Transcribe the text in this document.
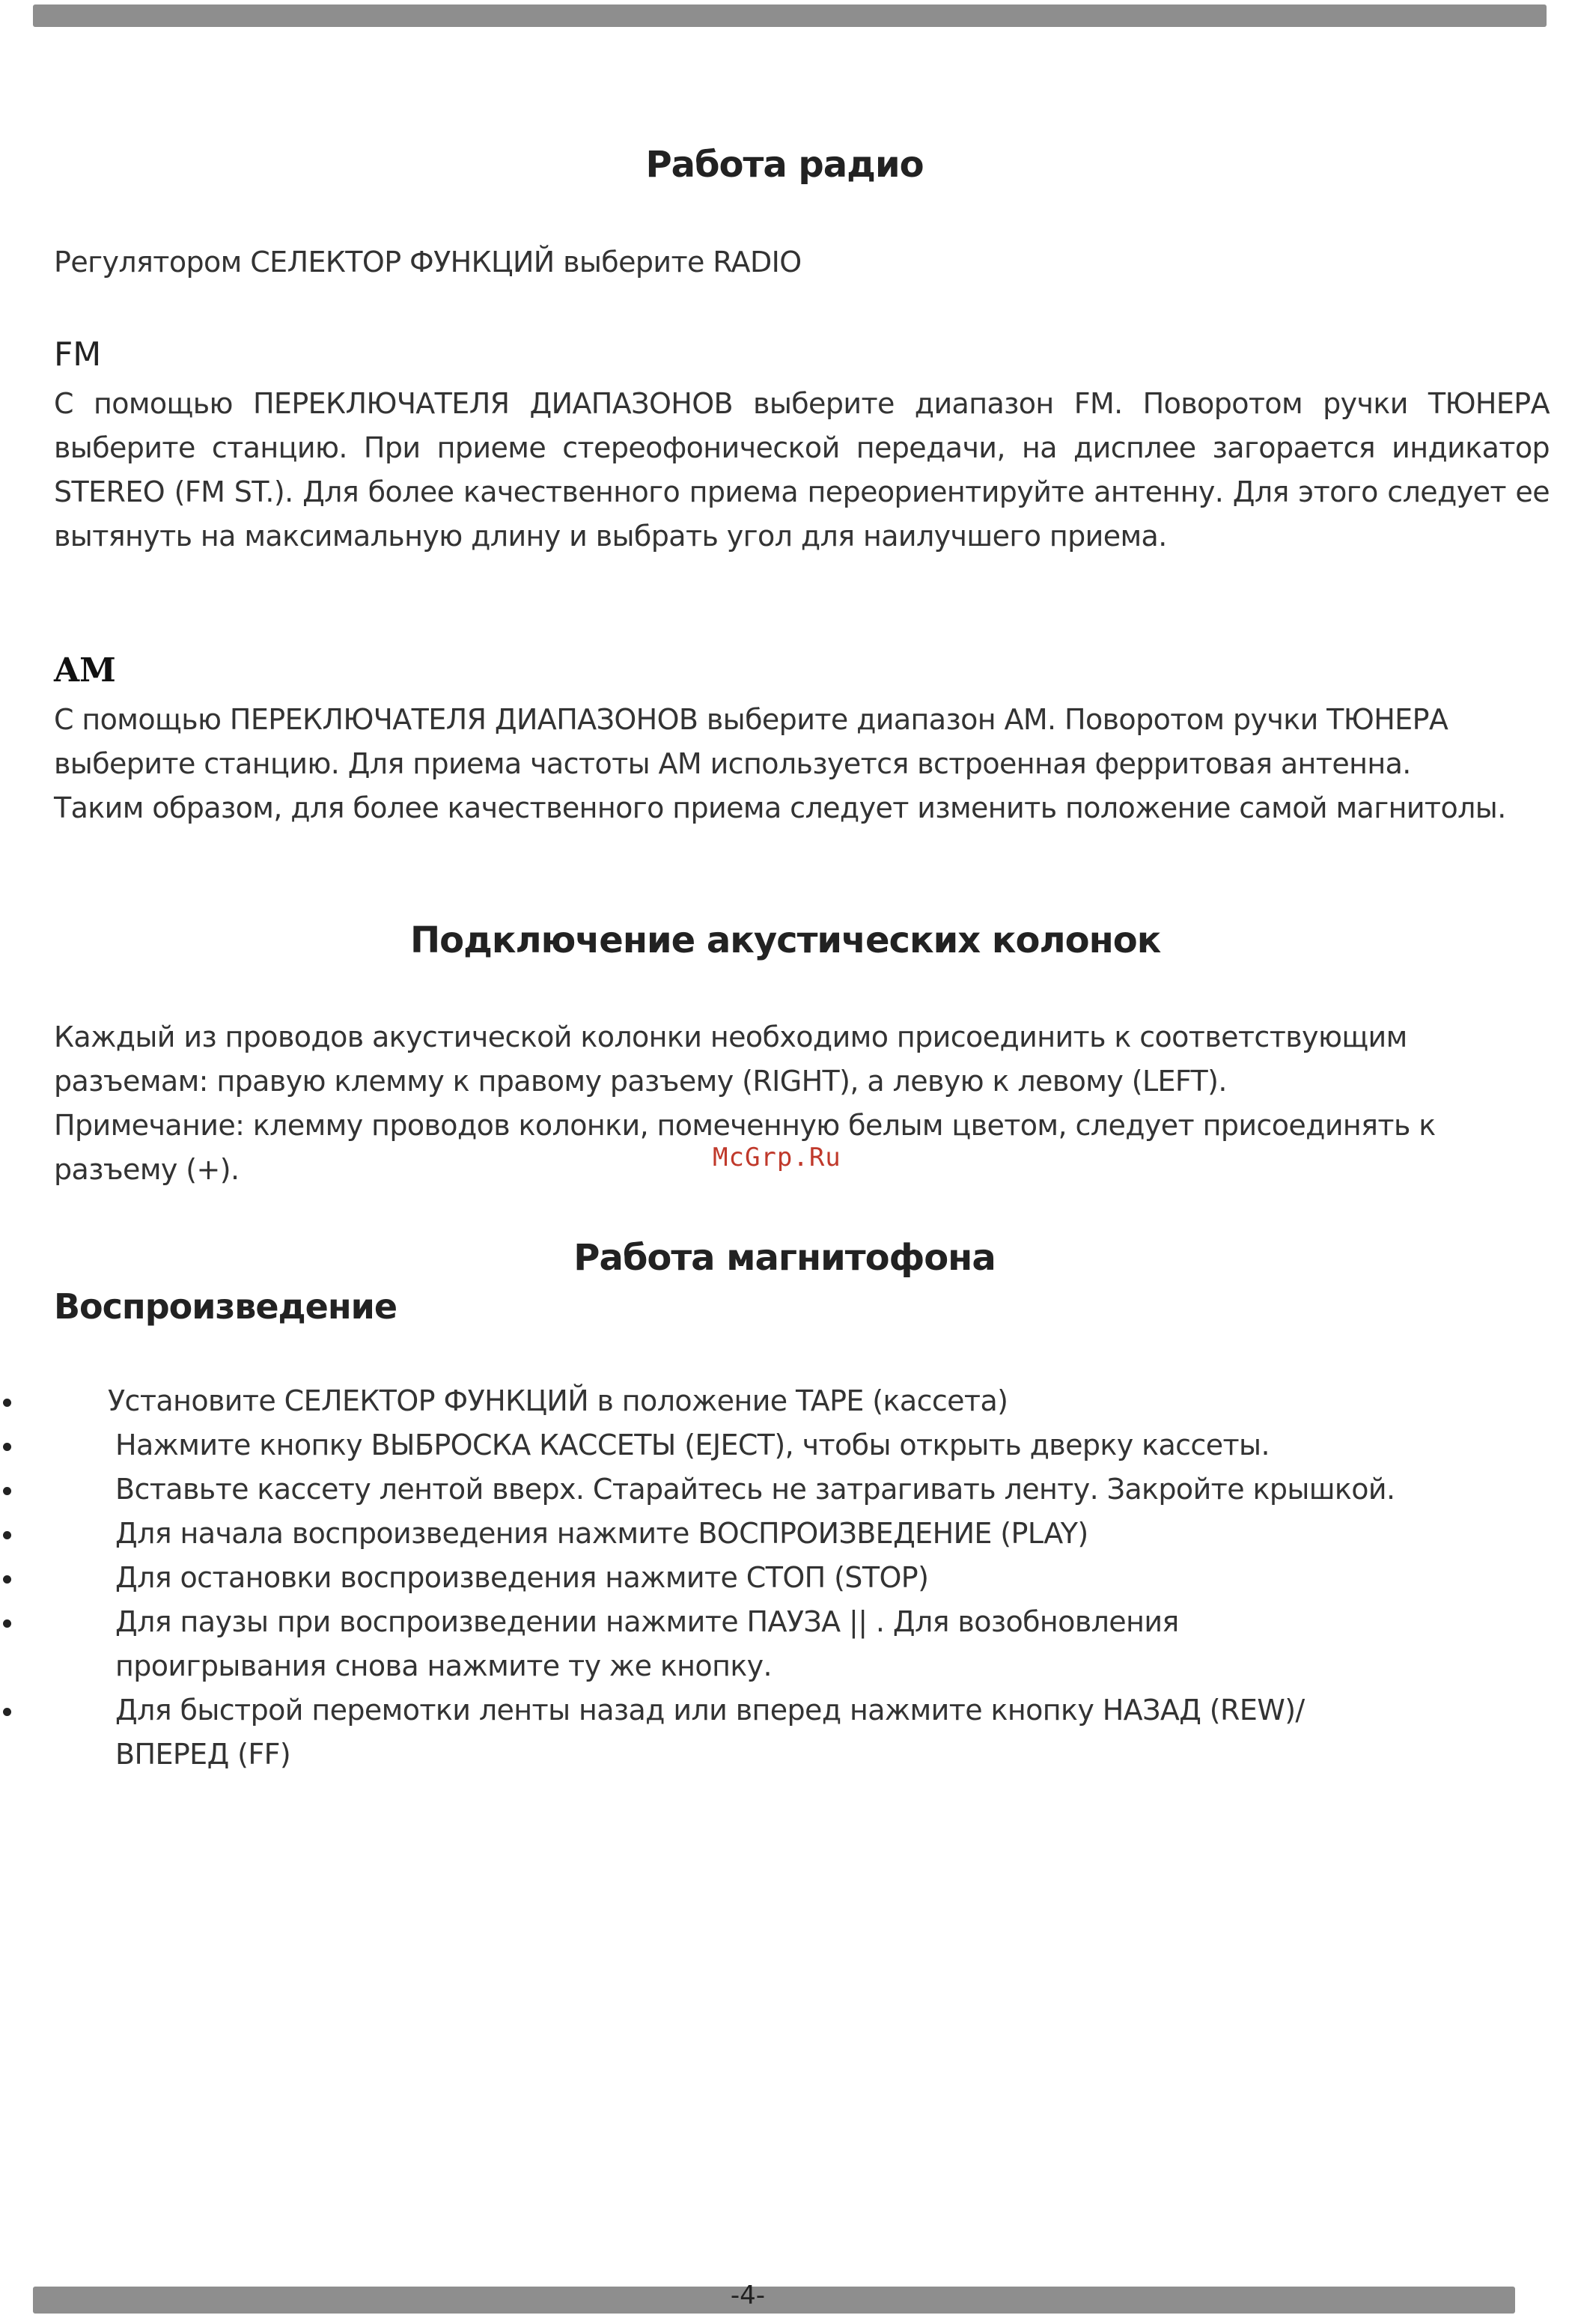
Работа радио
Регулятором СЕЛЕКТОР ФУНКЦИЙ выберите RADIO
FM

С помощью ПЕРЕКЛЮЧАТЕЛЯ ДИАПАЗОНОВ выберите диапазон FM. Поворотом ручки ТЮНЕРА выберите станцию. При приеме стереофонической передачи, на дисплее загорается индикатор STEREO (FM ST.). Для более качественного приема переориентируйте антенну. Для этого следует ее вытянуть на максимальную длину и выбрать угол для наилучшего приема.

AM

С помощью ПЕРЕКЛЮЧАТЕЛЯ ДИАПАЗОНОВ выберите диапазон AM. Поворотом ручки ТЮНЕРА выберите станцию. Для приема частоты AM используется встроенная ферритовая антенна. Таким образом, для более качественного приема следует изменить положение самой магнитолы.

Подключение акустических колонок

Каждый из проводов акустической колонки необходимо присоединить к соответствующим разъемам: правую клемму к правому разъему (RIGHT), а левую к левому (LEFT).

Примечание: клемму проводов колонки, помеченную белым цветом, следует присоединять к разъему (+).	McGrp.Ru
Работа магнитофона
Воспроизведение
Установите СЕЛЕКТОР ФУНКЦИЙ в положение TAPE (кассета)
Нажмите кнопку ВЫБРОСКА КАССЕТЫ (EJECT), чтобы открыть дверку кассеты.
Вставьте кассету лентой вверх. Старайтесь не затрагивать ленту. Закройте крышкой.
Для начала воспроизведения нажмите ВОСПРОИЗВЕДЕНИЕ (PLAY)
Для остановки воспроизведения нажмите СТОП (STOP)
Для паузы при воспроизведении нажмите ПАУЗА || . Для возобновления проигрывания снова нажмите ту же кнопку.
Для быстрой перемотки ленты назад или вперед нажмите кнопку НАЗАД (REW)/ ВПЕРЕД (FF)
-4-
